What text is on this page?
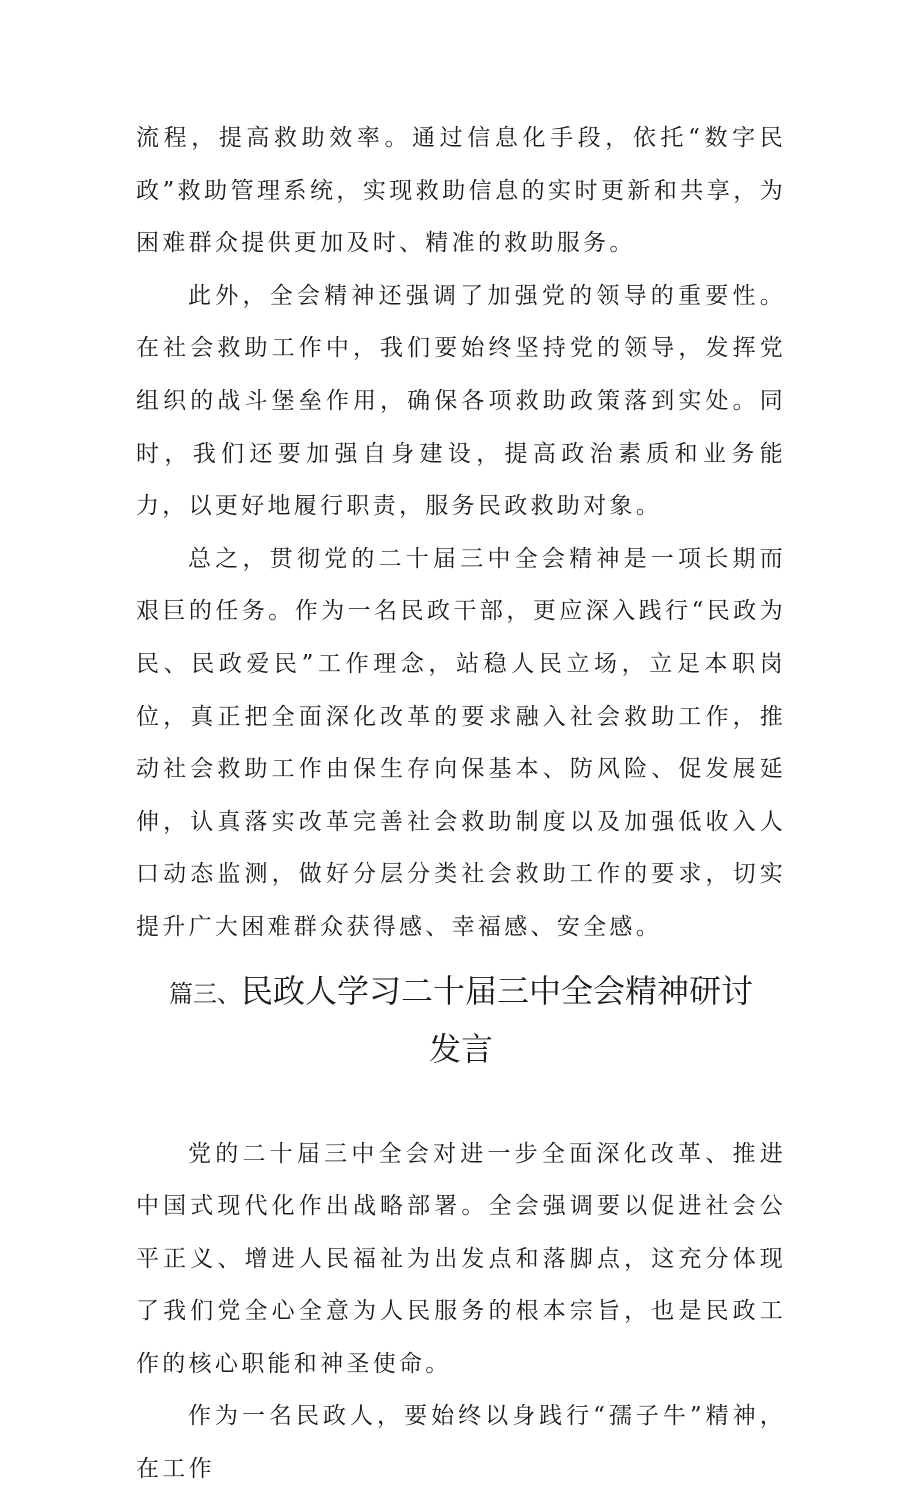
流程，提高救助效率。通过信息化手段，依托“数字民政”救助管理系统，实现救助信息的实时更新和共享，为困难群众提供更加及时、精准的救助服务。

此外，全会精神还强调了加强党的领导的重要性。在社会救助工作中，我们要始终坚持党的领导，发挥党组织的战斗堡垒作用，确保各项救助政策落到实处。同时，我们还要加强自身建设，提高政治素质和业务能力，以更好地履行职责，服务民政救助对象。

总之，贯彻党的二十届三中全会精神是一项长期而艰巨的任务。作为一名民政干部，更应深入践行“民政为民、民政爱民”工作理念，站稳人民立场，立足本职岗位，真正把全面深化改革的要求融入社会救助工作，推动社会救助工作由保生存向保基本、防风险、促发展延伸，认真落实改革完善社会救助制度以及加强低收入人口动态监测，做好分层分类社会救助工作的要求，切实提升广大困难群众获得感、幸福感、安全感。

篇三、民政人学习二十届三中全会精神研讨
发言

党的二十届三中全会对进一步全面深化改革、推进中国式现代化作出战略部署。全会强调要以促进社会公平正义、增进人民福祉为出发点和落脚点，这充分体现了我们党全心全意为人民服务的根本宗旨，也是民政工作的核心职能和神圣使命。

作为一名民政人，要始终以身践行“孺子牛”精神，在工作
